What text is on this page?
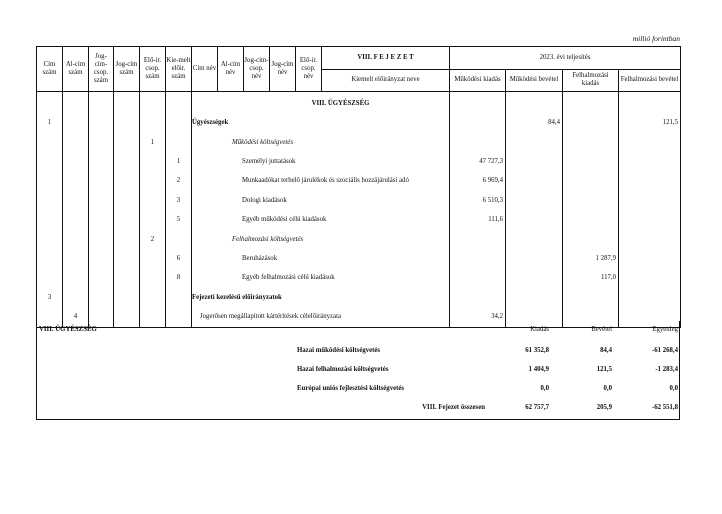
millió forintban
Cím szám	Al-cím szám	Jog-cím-csop. szám	Jog-cím szám	Elő-ir. csop. szám	Kie-melt előir. szám	Cím név	Al-cím név	Jog-cím-csop. név	Jog-cím név	Elő-ir. csop. név	VIII. F E J E Z E T	2023. évi teljesítés			
											Kiemelt előirányzat neve	Működési kiadás	Működési bevétel	Felhalmozási kiadás	Felhalmozási bevétel
						VIII. ÜGYÉSZSÉG									
1						Ügyészségek							84,4		121,5
				1		Működési költségvetés									
					1	Személyi juttatások						47 727,3			
					2	Munkaadókat terhelő járulékok és szociális hozzájárulási adó						6 969,4			
					3	Dologi kiadások						6 510,3			
					5	Egyéb működési célú kiadások						111,6			
				2		Felhalmozási költségvetés									
					6	Beruházások								1 287,9	
					8	Egyéb felhalmozási célú kiadások								117,0	
3						Fejezeti kezelésű előirányzatok									
	4					Jogerősen megállapított kártérítések célelőirányzata						34,2			
VIII. ÜGYÉSZSÉG	Kiadás	Bevétel	Egyenleg
Hazai működési költségvetés	61 352,8	84,4	-61 268,4
Hazai felhalmozási költségvetés	1 404,9	121,5	-1 283,4
Európai uniós fejlesztési költségvetés	0,0	0,0	0,0
VIII. Fejezet összesen	62 757,7	205,9	-62 551,8
